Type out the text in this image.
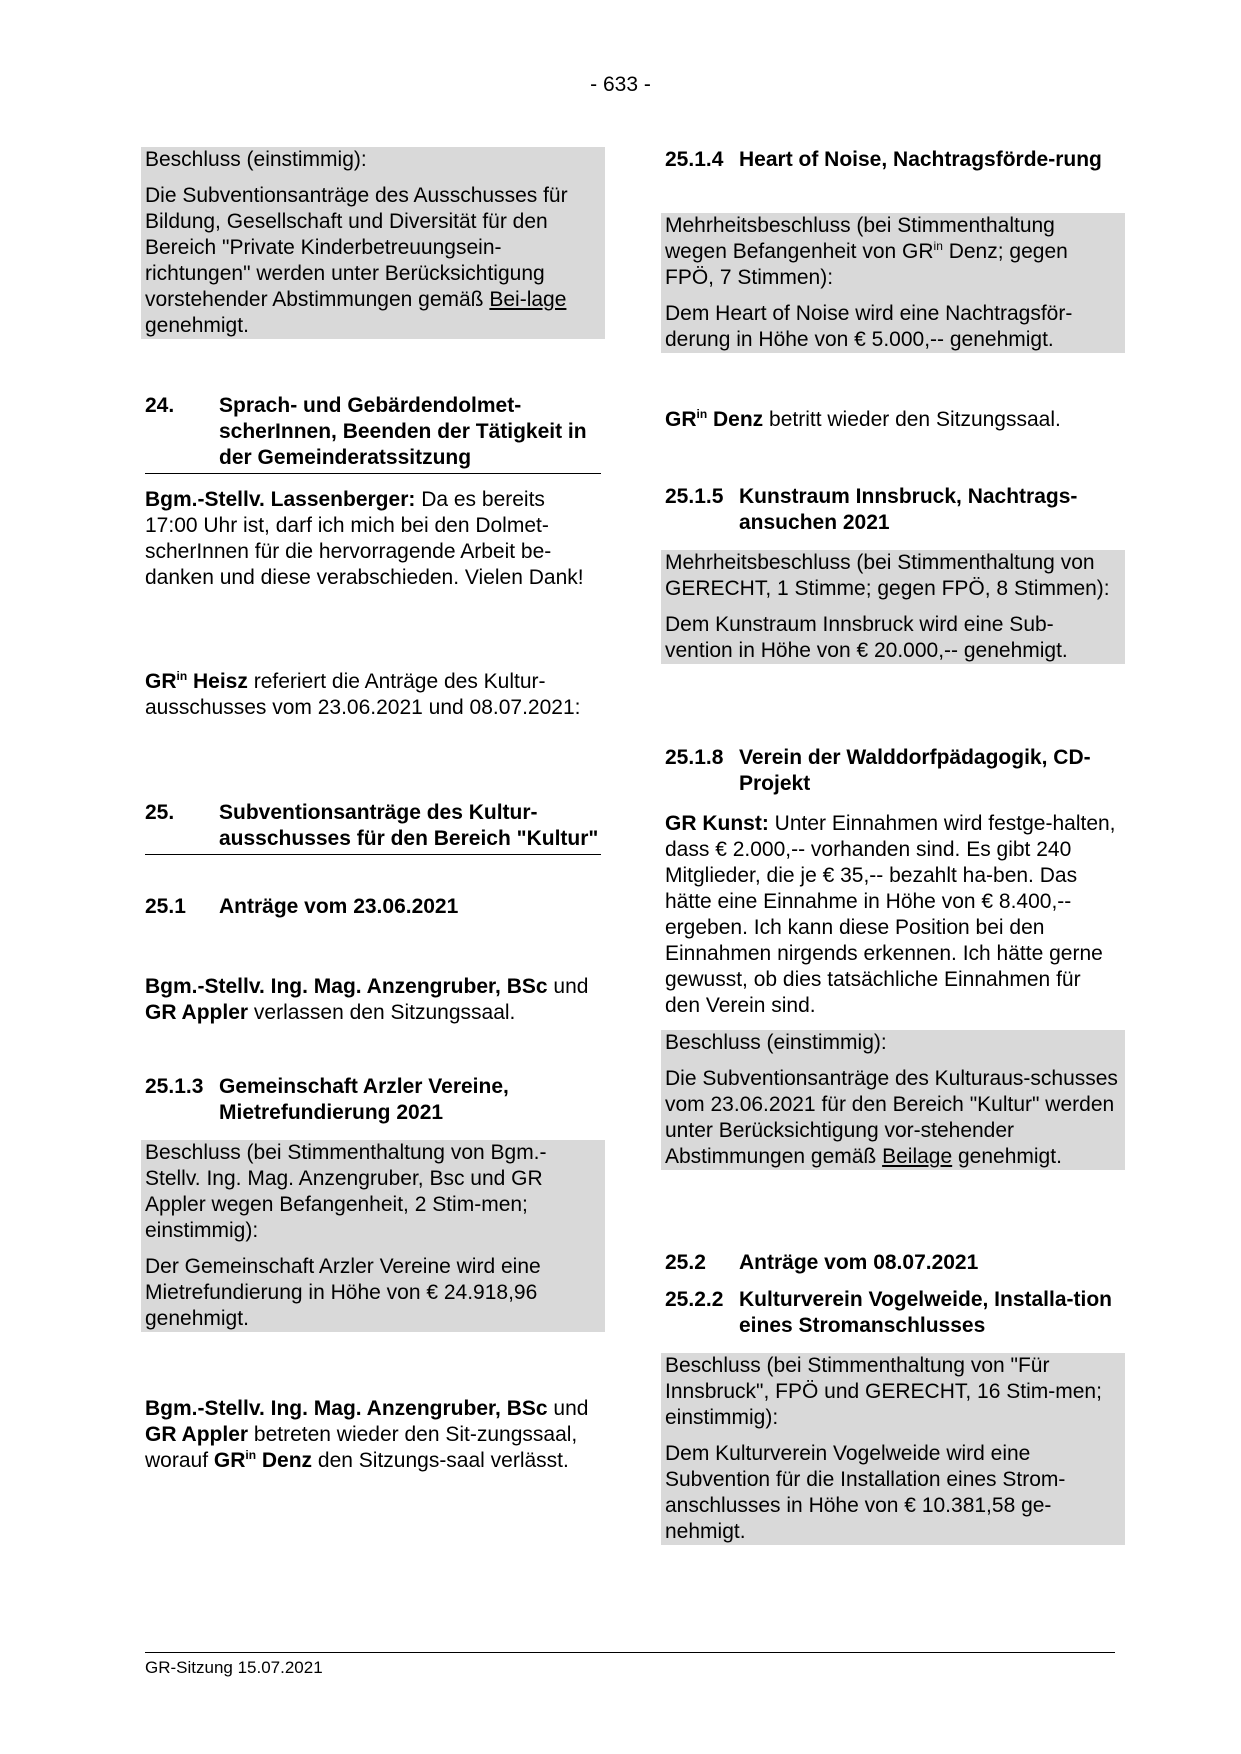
- 633 -

Beschluss (einstimmig):

Die Subventionsanträge des Ausschusses für Bildung, Gesellschaft und Diversität für den Bereich "Private Kinderbetreuungsein-richtungen" werden unter Berücksichtigung vorstehender Abstimmungen gemäß Bei-lage genehmigt.

24.	Sprach- und Gebärdendolmet-scherInnen, Beenden der Tätigkeit in der Gemeinderatssitzung

Bgm.-Stellv. Lassenberger: Da es bereits 17:00 Uhr ist, darf ich mich bei den Dolmet-scherInnen für die hervorragende Arbeit be-danken und diese verabschieden. Vielen Dank!

$GR^{in}$ Heisz referiert die Anträge des Kultur-ausschusses vom 23.06.2021 und 08.07.2021:

25.	Subventionsanträge des Kultur-ausschusses für den Bereich "Kultur"
25.1	Anträge vom 23.06.2021

Bgm.-Stellv. Ing. Mag. Anzengruber, BSc und GR Appler verlassen den Sitzungssaal.

25.1.3 Gemeinschaft Arzler Vereine, Mietrefundierung 2021

Beschluss (bei Stimmenthaltung von Bgm.-Stellv. Ing. Mag. Anzengruber, Bsc und GR Appler wegen Befangenheit, 2 Stim-men; einstimmig):

Der Gemeinschaft Arzler Vereine wird eine Mietrefundierung in Höhe von € 24.918,96 genehmigt.

Bgm.-Stellv. Ing. Mag. Anzengruber, BSc und GR Appler betreten wieder den Sit-zungssaal, worauf $GR^{in}$ Denz den Sitzungs-saal verlässt.

25.1.4 Heart of Noise, Nachtragsförde-rung

Mehrheitsbeschluss (bei Stimmenthaltung wegen Befangenheit von $GR^{in}$ Denz; gegen FPÖ, 7 Stimmen):

Dem Heart of Noise wird eine Nachtragsför-derung in Höhe von € 5.000,-- genehmigt.

$GR^{in}$ Denz betritt wieder den Sitzungssaal.

25.1.5 Kunstraum Innsbruck, Nachtrags-ansuchen 2021

Mehrheitsbeschluss (bei Stimmenthaltung von GERECHT, 1 Stimme; gegen FPÖ, 8 Stimmen):

Dem Kunstraum Innsbruck wird eine Sub-vention in Höhe von € 20.000,-- genehmigt.

25.1.8 Verein der Walddorfpädagogik, CD-Projekt

GR Kunst: Unter Einnahmen wird festge-halten, dass € 2.000,-- vorhanden sind. Es gibt 240 Mitglieder, die je € 35,-- bezahlt ha-ben. Das hätte eine Einnahme in Höhe von € 8.400,-- ergeben. Ich kann diese Position bei den Einnahmen nirgends erkennen. Ich hätte gerne gewusst, ob dies tatsächliche Einnahmen für den Verein sind.

Beschluss (einstimmig):

Die Subventionsanträge des Kulturaus-schusses vom 23.06.2021 für den Bereich "Kultur" werden unter Berücksichtigung vor-stehender Abstimmungen gemäß Beilage genehmigt.

25.2	Anträge vom 08.07.2021
25.2.2 Kulturverein Vogelweide, Installa-tion eines Stromanschlusses

Beschluss (bei Stimmenthaltung von "Für Innsbruck", FPÖ und GERECHT, 16 Stim-men; einstimmig):

Dem Kulturverein Vogelweide wird eine Subvention für die Installation eines Strom-anschlusses in Höhe von € 10.381,58 ge-nehmigt.

GR-Sitzung 15.07.2021
